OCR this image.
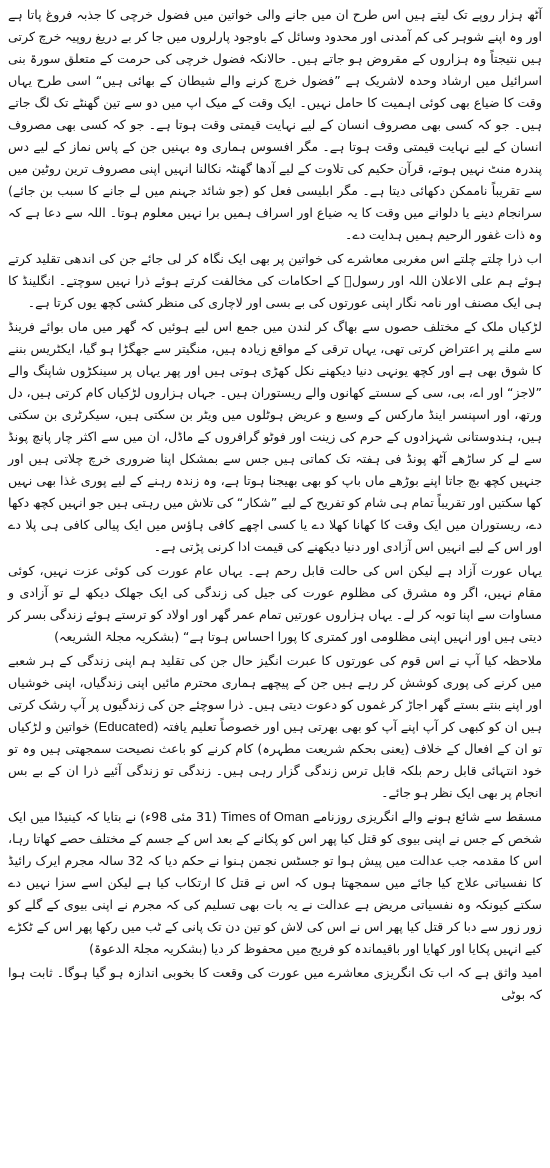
آٹھ ہزار روپے تک لیتے ہیں اس طرح ان میں جانے والی خواتین میں فضول خرچی کا جذبہ فروغ پاتا ہے اور وہ اپنے شوہر کی کم آمدنی اور محدود وسائل کے باوجود پارلروں میں جا کر بے دریغ روپیہ خرچ کرتی ہیں نتیجتاً وہ ہزاروں کے مقروض ہو جاتے ہیں۔ حالانکہ فضول خرچی کی حرمت کے متعلق سورۃ بنی اسرائیل میں ارشاد وحدہ لاشریک ہے ”فضول خرچ کرنے والے شیطان کے بھائی ہیں“ اسی طرح یہاں وقت کا ضیاع بھی کوئی اہمیت کا حامل نہیں۔ ایک وقت کے میک اپ میں دو سے تین گھنٹے تک لگ جاتے ہیں۔ جو کہ کسی بھی مصروف انسان کے لیے نہایت قیمتی وقت ہوتا ہے۔ جو کہ کسی بھی مصروف انسان کے لیے نہایت قیمتی وقت ہوتا ہے۔ مگر افسوس ہماری وہ بہنیں جن کے پاس نماز کے لیے دس پندرہ منٹ نہیں ہوتے، قرآن حکیم کی تلاوت کے لیے آدھا گھنٹہ نکالنا انہیں اپنی مصروف ترین روٹین میں سے تقریباً ناممکن دکھائی دیتا ہے۔ مگر ابلیسی فعل کو (جو شائد جہنم میں لے جانے کا سبب بن جائے) سرانجام دینے یا دلوانے میں وقت کا یہ ضیاع اور اسراف ہمیں برا نہیں معلوم ہوتا۔ اللہ سے دعا ہے کہ وہ ذات غفور الرحیم ہمیں ہدایت دے۔

اب ذرا چلتے چلتے اس مغربی معاشرے کی خواتین پر بھی ایک نگاہ کر لی جائے جن کی اندھی تقلید کرتے ہوئے ہم علی الاعلان اللہ اور رسولؐ کے احکامات کی مخالفت کرتے ہوئے ذرا نہیں سوچتے۔ انگلینڈ کا ہی ایک مصنف اور نامہ نگار اپنی عورتوں کی بے بسی اور لاچاری کی منظر کشی کچھ یوں کرتا ہے۔

لڑکیاں ملک کے مختلف حصوں سے بھاگ کر لندن میں جمع اس لیے ہوئیں کہ گھر میں ماں بوائے فرینڈ سے ملنے پر اعتراض کرتی تھی، یہاں ترقی کے مواقع زیادہ ہیں، منگیتر سے جھگڑا ہو گیا، ایکٹریس بننے کا شوق بھی ہے اور کچھ یونہی دنیا دیکھنے نکل کھڑی ہوتی ہیں اور پھر یہاں پر سینکڑوں شاپنگ والے ”لاجز“ اور اے، بی، سی کے سستے کھانوں والے ریستوران ہیں۔ جہاں ہزاروں لڑکیاں کام کرتی ہیں، دل ورتھ، اور اسپنسر اینڈ مارکس کے وسیع و عریض ہوٹلوں میں ویٹر بن سکتی ہیں، سیکرٹری بن سکتی ہیں، ہندوستانی شہزادوں کے حرم کی زینت اور فوٹو گرافروں کے ماڈل، ان میں سے اکثر چار پانچ پونڈ سے لے کر ساڑھے آٹھ پونڈ فی ہفتہ تک کماتی ہیں جس سے بمشکل اپنا ضروری خرچ چلاتی ہیں اور جنہیں کچھ بچ جاتا اپنے بوڑھے ماں باپ کو بھی بھیجنا ہوتا ہے، وہ زندہ رہنے کے لیے پوری غذا بھی نہیں کھا سکتیں اور تقریباً تمام ہی شام کو تفریح کے لیے ”شکار“ کی تلاش میں رہتی ہیں جو انہیں کچھ دکھا دے، ریستوران میں ایک وقت کا کھانا کھلا دے یا کسی اچھے کافی ہاؤس میں ایک پیالی کافی ہی پلا دے اور اس کے لیے انہیں اس آزادی اور دنیا دیکھنے کی قیمت ادا کرنی پڑتی ہے۔

یہاں عورت آزاد ہے لیکن اس کی حالت قابل رحم ہے۔ یہاں عام عورت کی کوئی عزت نہیں، کوئی مقام نہیں، اگر وہ مشرق کی مظلوم عورت کی جیل کی زندگی کی ایک جھلک دیکھ لے تو آزادی و مساوات سے اپنا توبہ کر لے۔ یہاں ہزاروں عورتیں تمام عمر گھر اور اولاد کو ترستے ہوئے زندگی بسر کر دیتی ہیں اور انہیں اپنی مظلومی اور کمتری کا پورا احساس ہوتا ہے“ (بشکریہ مجلۃ الشریعہ)

ملاحظہ کیا آپ نے اس قوم کی عورتوں کا عبرت انگیز حال جن کی تقلید ہم اپنی زندگی کے ہر شعبے میں کرنے کی پوری کوشش کر رہے ہیں جن کے پیچھے ہماری محترم مائیں اپنی زندگیاں، اپنی خوشیاں اور اپنے بنتے بستے گھر اجاڑ کر غموں کو دعوت دیتی ہیں۔ ذرا سوچئے جن کی زندگیوں پر آپ رشک کرتی ہیں ان کو کبھی کر آپ اپنے آپ کو بھی بھرتی ہیں اور خصوصاً تعلیم یافتہ (Educated) خواتین و لڑکیاں تو ان کے افعال کے خلاف (یعنی بحکم شریعت مطہرہ) کام کرنے کو باعث نصیحت سمجھتی ہیں وہ تو خود انتہائی قابل رحم بلکہ قابل ترس زندگی گزار رہی ہیں۔ زندگی تو زندگی آئیے ذرا ان کے بے بس انجام پر بھی ایک نظر ہو جائے۔

مسقط سے شائع ہونے والے انگریزی روزنامے Times of Oman (31 مئی 98ء) نے بتایا کہ کینیڈا میں ایک شخص کے جس نے اپنی بیوی کو قتل کیا پھر اس کو پکانے کے بعد اس کے جسم کے مختلف حصے کھاتا رہا، اس کا مقدمہ جب عدالت میں پیش ہوا تو جسٹس نجمن ہنوا نے حکم دیا کہ 32 سالہ مجرم ایرک رائیڈ کا نفسیاتی علاج کیا جائے میں سمجھتا ہوں کہ اس نے قتل کا ارتکاب کیا ہے لیکن اسے سزا نہیں دے سکتے کیونکہ وہ نفسیاتی مریض ہے عدالت نے یہ بات بھی تسلیم کی کہ مجرم نے اپنی بیوی کے گلے کو زور زور سے دبا کر قتل کیا پھر اس نے اس کی لاش کو تین دن تک پانی کے ٹب میں رکھا پھر اس کے ٹکڑے کیے انہیں پکایا اور کھایا اور باقیماندہ کو فریج میں محفوظ کر دیا (بشکریہ مجلۃ الدعوۃ)

امید واثق ہے کہ اب تک انگریزی معاشرے میں عورت کی وقعت کا بخوبی اندازہ ہو گیا ہوگا۔ ثابت ہوا کہ بوٹی
